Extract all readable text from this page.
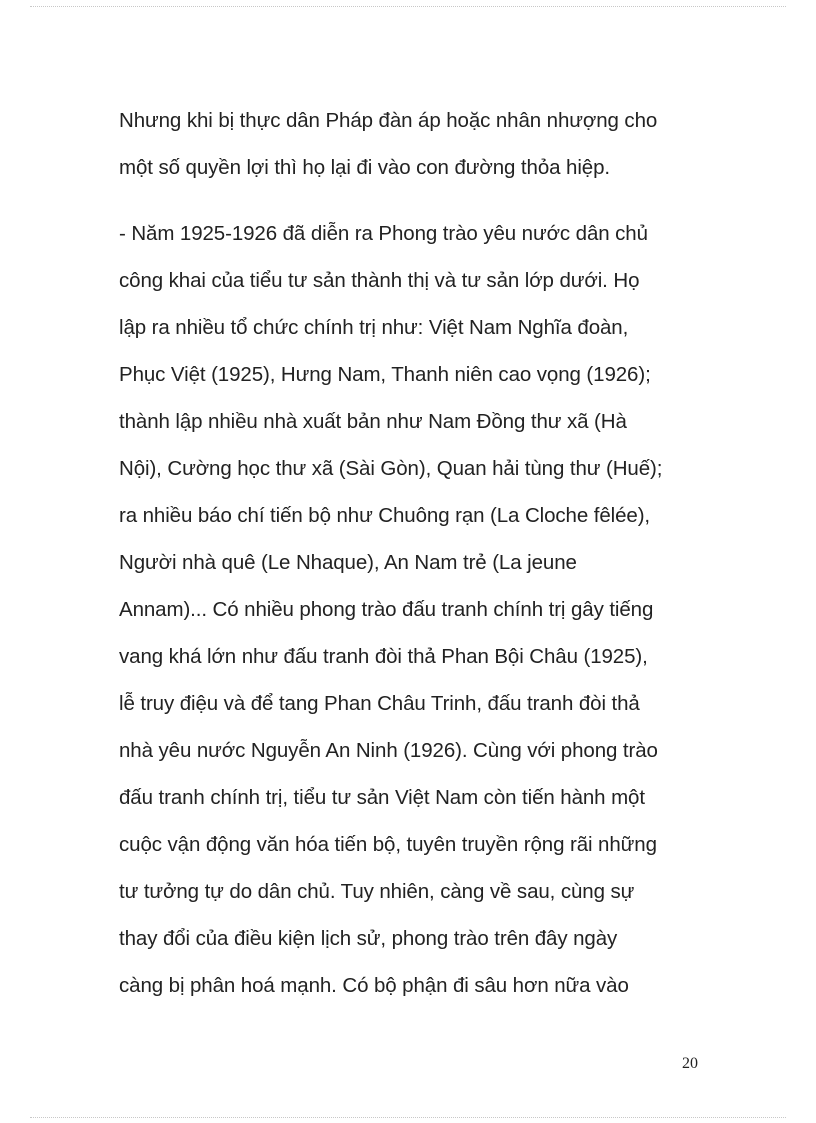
Nhưng khi bị thực dân Pháp đàn áp hoặc nhân nhượng cho
một số quyền lợi thì họ lại đi vào con đường thỏa hiệp.
- Năm 1925-1926 đã diễn ra Phong trào yêu nước dân chủ
công khai của tiểu tư sản thành thị và tư sản lớp dưới. Họ
lập ra nhiều tổ chức chính trị như: Việt Nam Nghĩa đoàn,
Phục Việt (1925), Hưng Nam, Thanh niên cao vọng (1926);
thành lập nhiều nhà xuất bản như Nam Đồng thư xã (Hà
Nội), Cường học thư xã (Sài Gòn), Quan hải tùng thư (Huế);
ra nhiều báo chí tiến bộ như Chuông rạn (La Cloche fêlée),
Người nhà quê (Le Nhaque), An Nam trẻ (La jeune
Annam)... Có nhiều phong trào đấu tranh chính trị gây tiếng
vang khá lớn như đấu tranh đòi thả Phan Bội Châu (1925),
lễ truy điệu và để tang Phan Châu Trinh, đấu tranh đòi thả
nhà yêu nước Nguyễn An Ninh (1926). Cùng với phong trào
đấu tranh chính trị, tiểu tư sản Việt Nam còn tiến hành một
cuộc vận động văn hóa tiến bộ, tuyên truyền rộng rãi những
tư tưởng tự do dân chủ. Tuy nhiên, càng về sau, cùng sự
thay đổi của điều kiện lịch sử, phong trào trên đây ngày
càng bị phân hoá mạnh. Có bộ phận đi sâu hơn nữa vào
20
